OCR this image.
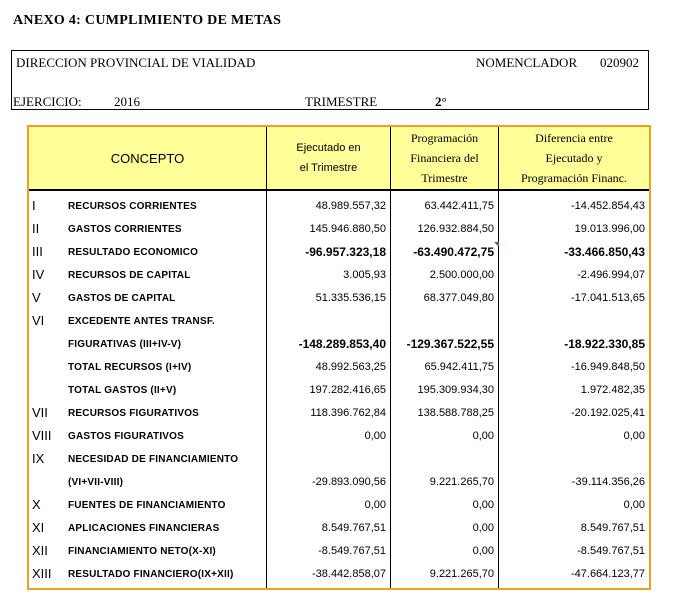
ANEXO 4: CUMPLIMIENTO DE METAS
DIRECCION PROVINCIAL DE VIALIDAD	NOMENCLADOR 020902
EJERCICIO: 2016	TRIMESTRE	2°
CONCEPTO
Ejecutado en
el Trimestre
Programación
Financiera del
Trimestre
Diferencia entre
Ejecutado y
Programación Financ.
I	RECURSOS CORRIENTES	48.989.557,32	63.442.411,75	-14.452.854,43
II	GASTOS CORRIENTES	145.946.880,50	126.932.884,50	19.013.996,00
III	RESULTADO ECONOMICO	-96.957.323,18 -63.490.472,75	-33.466.850,43
IV RECURSOS DE CAPITAL	3.005,93	2.500.000,00	-2.496.994,07
V	GASTOS DE CAPITAL	51.335.536,15	68.377.049,80	-17.041.513,65
VI EXCEDENTE ANTES TRANSF.
FIGURATIVAS (III+IV-V)	-148.289.853,40 -129.367.522,55	-18.922.330,85
TOTAL RECURSOS (I+IV)	48.992.563,25	65.942.411,75	-16.949.848,50
TOTAL GASTOS (II+V)	197.282.416,65	195.309.934,30	1.972.482,35
VII RECURSOS FIGURATIVOS	118.396.762,84	138.588.788,25	-20.192.025,41
VIII GASTOS FIGURATIVOS	0,00	0,00	0,00
IX NECESIDAD DE FINANCIAMIENTO
(VI+VII-VIII)	-29.893.090,56	9.221.265,70	-39.114.356,26
X	FUENTES DE FINANCIAMIENTO	0,00	0,00	0,00
XI APLICACIONES FINANCIERAS	8.549.767,51	0,00	8.549.767,51
XII FINANCIAMIENTO NETO(X-XI)	-8.549.767,51	0,00	-8.549.767,51
XIII RESULTADO FINANCIERO(IX+XII)	-38.442.858,07	9.221.265,70	-47.664.123,77
